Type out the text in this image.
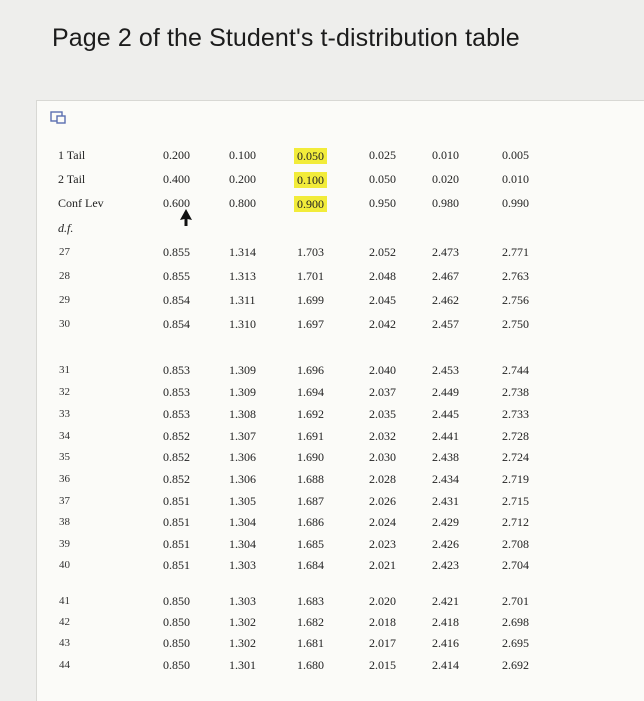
Page 2 of the Student's t-distribution table
1 Tail	0.200	0.100	0.050	0.025	0.010	0.005
2 Tail	0.400	0.200	0.100	0.050	0.020	0.010
Conf Lev	0.600	0.800	0.900	0.950	0.980	0.990
d.f.
27	0.855	1.314	1.703	2.052	2.473	2.771
28	0.855	1.313	1.701	2.048	2.467	2.763
29	0.854	1.311	1.699	2.045	2.462	2.756
30	0.854	1.310	1.697	2.042	2.457	2.750
31	0.853	1.309	1.696	2.040	2.453	2.744
32	0.853	1.309	1.694	2.037	2.449	2.738
33	0.853	1.308	1.692	2.035	2.445	2.733
34	0.852	1.307	1.691	2.032	2.441	2.728
35	0.852	1.306	1.690	2.030	2.438	2.724
36	0.852	1.306	1.688	2.028	2.434	2.719
37	0.851	1.305	1.687	2.026	2.431	2.715
38	0.851	1.304	1.686	2.024	2.429	2.712
39	0.851	1.304	1.685	2.023	2.426	2.708
40	0.851	1.303	1.684	2.021	2.423	2.704
41	0.850	1.303	1.683	2.020	2.421	2.701
42	0.850	1.302	1.682	2.018	2.418	2.698
43	0.850	1.302	1.681	2.017	2.416	2.695
44	0.850	1.301	1.680	2.015	2.414	2.692
